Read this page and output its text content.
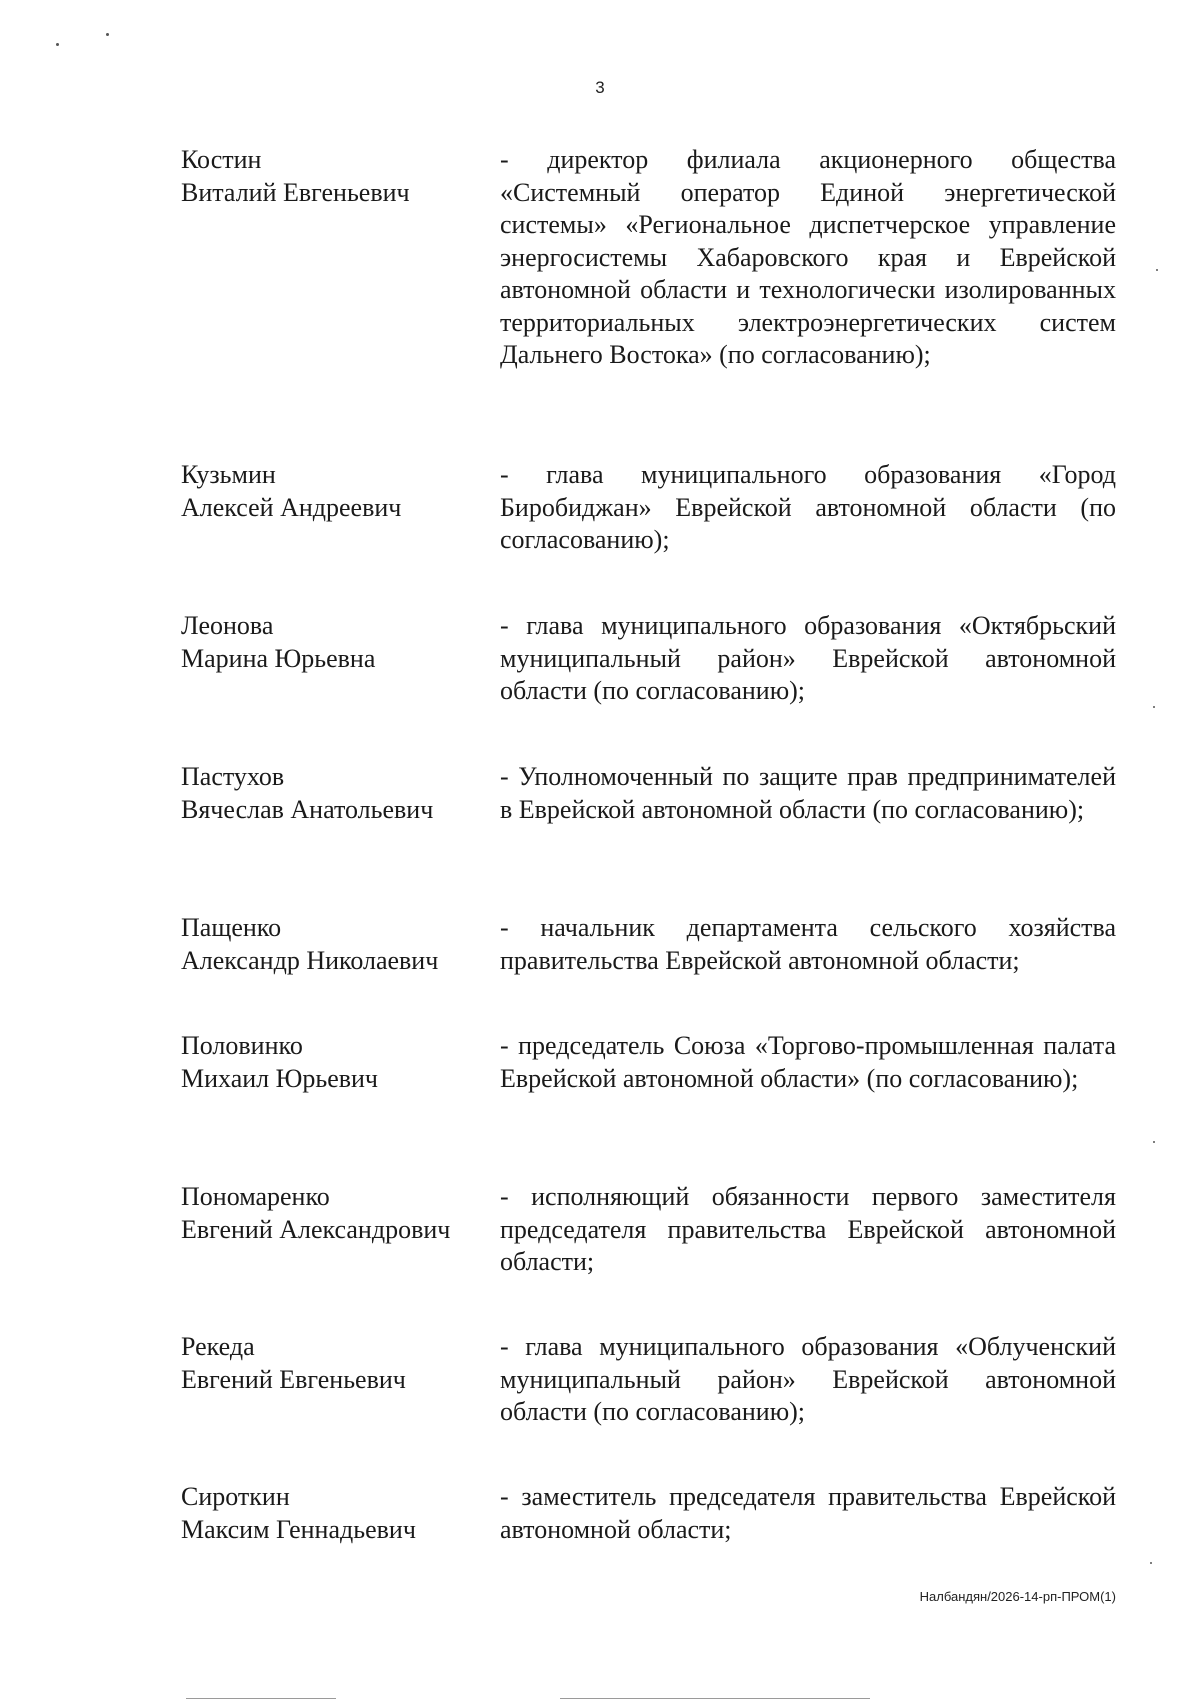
3
Костин
Виталий Евгеньевич
- директор филиала акционерного общества «Системный оператор Единой энергетической системы» «Региональное диспетчерское управление энергосистемы Хабаровского края и Еврейской автономной области и технологически изолированных территориальных электроэнергетических систем Дальнего Востока» (по согласованию);
Кузьмин
Алексей Андреевич
- глава муниципального образования «Город Биробиджан» Еврейской автономной области (по согласованию);
Леонова
Марина Юрьевна
- глава муниципального образования «Октябрьский муниципальный район» Еврейской автономной области (по согласованию);
Пастухов
Вячеслав Анатольевич
- Уполномоченный по защите прав предпринимателей в Еврейской автономной области (по согласованию);
Пащенко
Александр Николаевич
- начальник департамента сельского хозяйства правительства Еврейской автономной области;
Половинко
Михаил Юрьевич
- председатель Союза «Торгово-промышленная палата Еврейской автономной области» (по согласованию);
Пономаренко
Евгений Александрович
- исполняющий обязанности первого заместителя председателя правительства Еврейской автономной области;
Рекеда
Евгений Евгеньевич
- глава муниципального образования «Облученский муниципальный район» Еврейской автономной области (по согласованию);
Сироткин
Максим Геннадьевич
- заместитель председателя правительства Еврейской автономной области;
Налбандян/2026-14-рп-ПРОМ(1)
